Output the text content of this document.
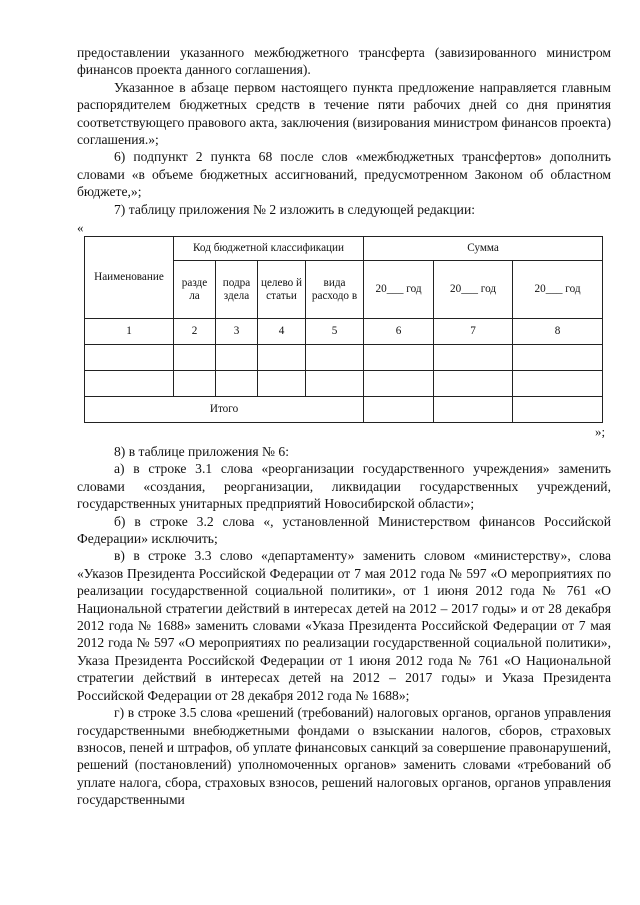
предоставлении указанного межбюджетного трансферта (завизированного министром финансов проекта данного соглашения).

Указанное в абзаце первом настоящего пункта предложение направляется главным распорядителем бюджетных средств в течение пяти рабочих дней со дня принятия соответствующего правового акта, заключения (визирования министром финансов проекта) соглашения.»;

6) подпункт 2 пункта 68 после слов «межбюджетных трансфертов» дополнить словами «в объеме бюджетных ассигнований, предусмотренном Законом об областном бюджете,»;

7) таблицу приложения № 2 изложить в следующей редакции:

«
Наименование	Код бюджетной классификации				Сумма		
	разде ла	подра здела	целево й статьи	вида расходо в	20___ год	20___ год	20___ год
1	2	3	4	5	6	7	8

Итого							
»;

8) в таблице приложения № 6:

а) в строке 3.1 слова «реорганизации государственного учреждения» заменить словами «создания, реорганизации, ликвидации государственных учреждений, государственных унитарных предприятий Новосибирской области»;

б) в строке 3.2 слова «, установленной Министерством финансов Российской Федерации» исключить;

в) в строке 3.3 слово «департаменту» заменить словом «министерству», слова «Указов Президента Российской Федерации от 7 мая 2012 года № 597 «О мероприятиях по реализации государственной социальной политики», от 1 июня 2012 года № 761 «О Национальной стратегии действий в интересах детей на 2012 – 2017 годы» и от 28 декабря 2012 года № 1688» заменить словами «Указа Президента Российской Федерации от 7 мая 2012 года № 597 «О мероприятиях по реализации государственной социальной политики», Указа Президента Российской Федерации от 1 июня 2012 года № 761 «О Национальной стратегии действий в интересах детей на 2012 – 2017 годы» и Указа Президента Российской Федерации от 28 декабря 2012 года № 1688»;

г) в строке 3.5 слова «решений (требований) налоговых органов, органов управления государственными внебюджетными фондами о взыскании налогов, сборов, страховых взносов, пеней и штрафов, об уплате финансовых санкций за совершение правонарушений, решений (постановлений) уполномоченных органов» заменить словами «требований об уплате налога, сбора, страховых взносов, решений налоговых органов, органов управления государственными
